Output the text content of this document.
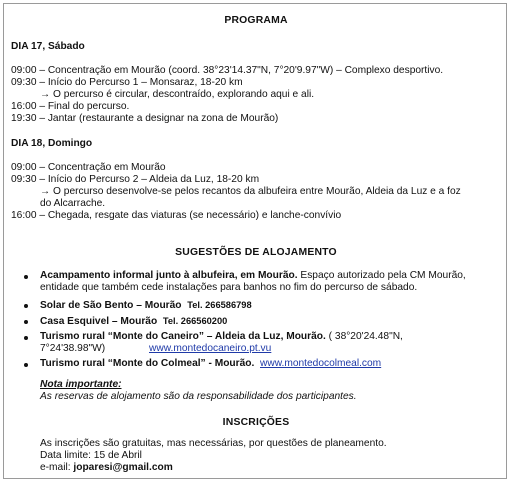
PROGRAMA
DIA 17, Sábado
09:00 – Concentração em Mourão (coord. 38°23'14.37"N, 7°20'9.97"W) – Complexo desportivo.
09:30 – Início do Percurso 1 – Monsaraz, 18-20 km
→ O percurso é circular, descontraído, explorando aqui e ali.
16:00 – Final do percurso.
19:30 – Jantar (restaurante a designar na zona de Mourão)
DIA 18, Domingo
09:00 – Concentração em Mourão
09:30 – Início do Percurso 2 – Aldeia da Luz, 18-20 km
→ O percurso desenvolve-se pelos recantos da albufeira entre Mourão, Aldeia da Luz e a foz
do Alcarrache.
16:00 – Chegada, resgate das viaturas (se necessário) e lanche-convívio
SUGESTÕES DE ALOJAMENTO
Acampamento informal junto à albufeira, em Mourão. Espaço autorizado pela CM Mourão,
entidade que também cede instalações para banhos no fim do percurso de sábado.
Solar de São Bento – Mourão Tel. 266586798
Casa Esquivel – Mourão Tel. 266560200
Turismo rural “Monte do Caneiro” – Aldeia da Luz, Mourão. ( 38°20'24.48"N,
7°24'38.98"W)	www.montedocaneiro.pt.vu
Turismo rural “Monte do Colmeal” - Mourão. www.montedocolmeal.com
Nota importante:
As reservas de alojamento são da responsabilidade dos participantes.
INSCRIÇÕES
As inscrições são gratuitas, mas necessárias, por questões de planeamento.
Data limite: 15 de Abril
e-mail: joparesi@gmail.com
